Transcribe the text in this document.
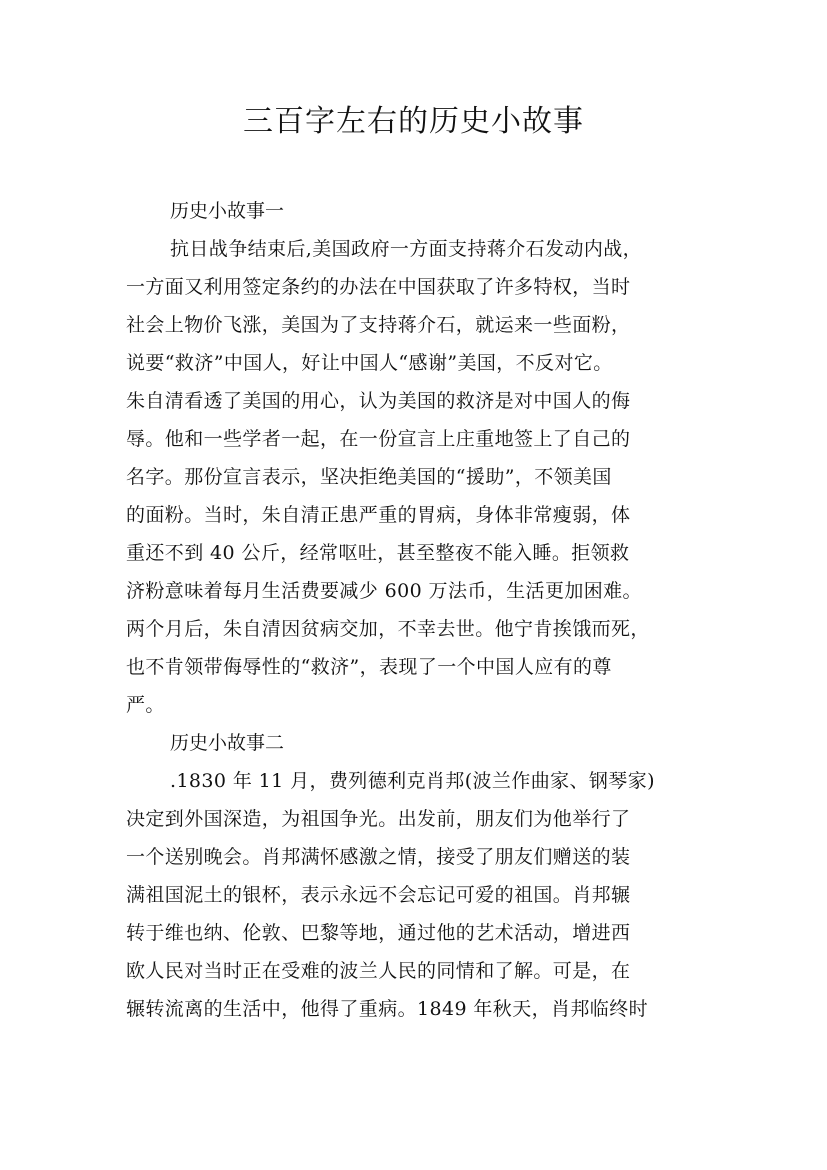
三百字左右的历史小故事

历史小故事一

抗日战争结束后,美国政府一方面支持蒋介石发动内战，

一方面又利用签定条约的办法在中国获取了许多特权，当时

社会上物价飞涨，美国为了支持蒋介石，就运来一些面粉，

说要“救济”中国人，好让中国人“感谢”美国，不反对它。

朱自清看透了美国的用心，认为美国的救济是对中国人的侮

辱。他和一些学者一起，在一份宣言上庄重地签上了自己的

名字。那份宣言表示，坚决拒绝美国的“援助”，不领美国

的面粉。当时，朱自清正患严重的胃病，身体非常瘦弱，体

重还不到 40 公斤，经常呕吐，甚至整夜不能入睡。拒领救

济粉意味着每月生活费要减少 600 万法币，生活更加困难。

两个月后，朱自清因贫病交加，不幸去世。他宁肯挨饿而死，

也不肯领带侮辱性的“救济”，表现了一个中国人应有的尊

严。

历史小故事二

.1830 年 11 月，费列德利克肖邦(波兰作曲家、钢琴家)

决定到外国深造，为祖国争光。出发前，朋友们为他举行了

一个送别晚会。肖邦满怀感激之情，接受了朋友们赠送的装

满祖国泥土的银杯，表示永远不会忘记可爱的祖国。肖邦辗

转于维也纳、伦敦、巴黎等地，通过他的艺术活动，增进西

欧人民对当时正在受难的波兰人民的同情和了解。可是，在

辗转流离的生活中，他得了重病。1849 年秋天，肖邦临终时
